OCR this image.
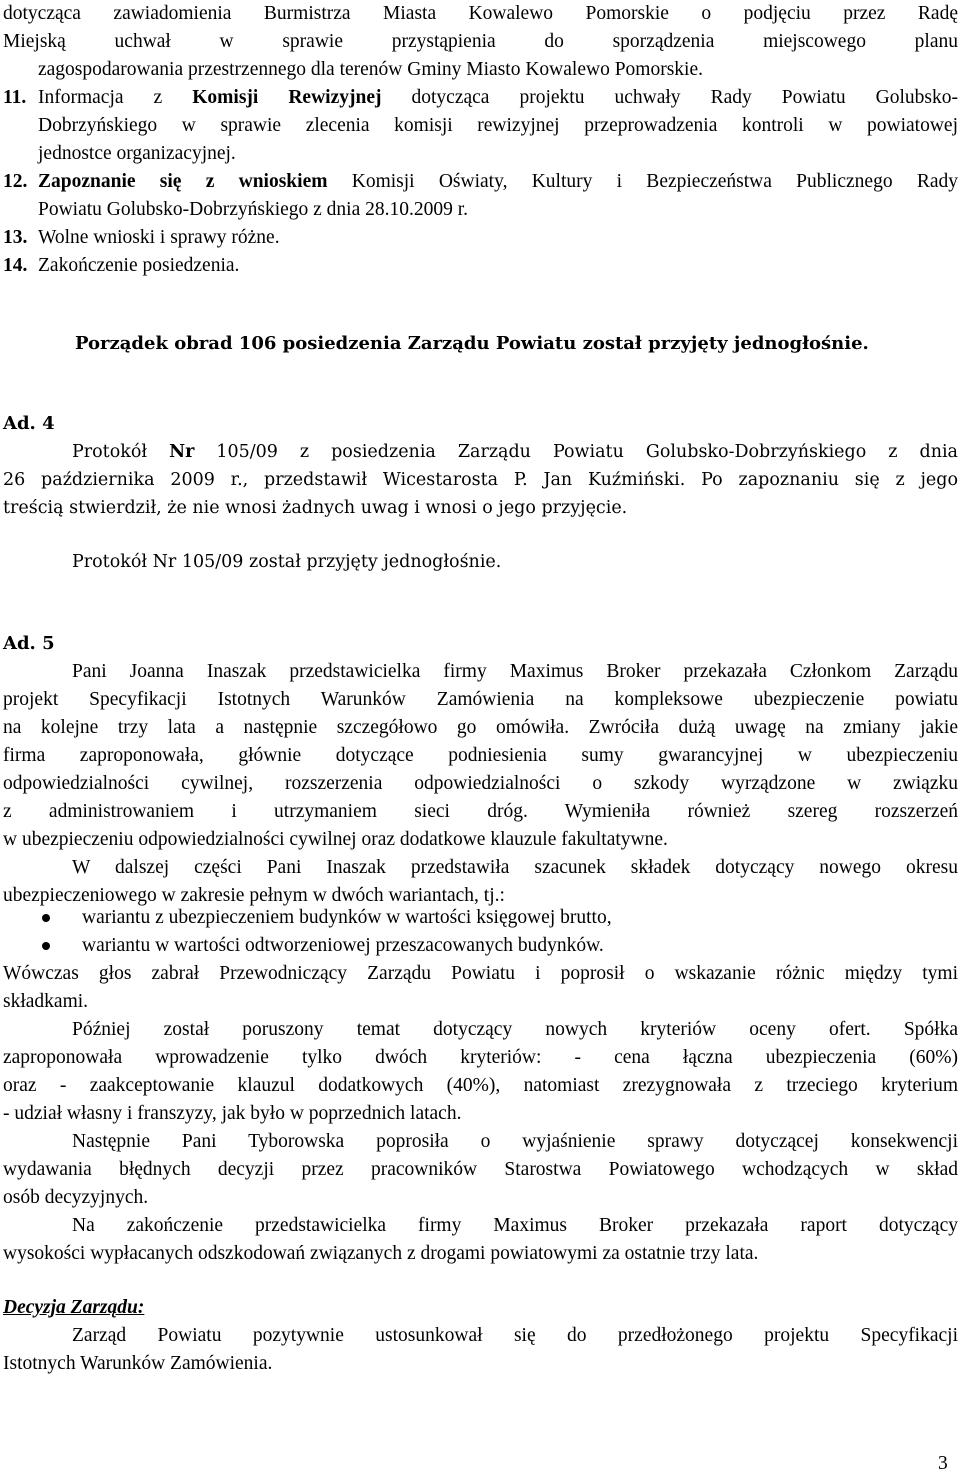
dotycząca zawiadomienia Burmistrza Miasta Kowalewo Pomorskie o podjęciu przez Radę
Miejską uchwał w sprawie przystąpienia do sporządzenia miejscowego planu
zagospodarowania przestrzennego dla terenów Gminy Miasto Kowalewo Pomorskie.
11. Informacja z Komisji Rewizyjnej dotycząca projektu uchwały Rady Powiatu Golubsko-
Dobrzyńskiego w sprawie zlecenia komisji rewizyjnej przeprowadzenia kontroli w powiatowej
jednostce organizacyjnej.
12. Zapoznanie się z wnioskiem Komisji Oświaty, Kultury i Bezpieczeństwa Publicznego Rady
Powiatu Golubsko-Dobrzyńskiego z dnia 28.10.2009 r.
13. Wolne wnioski i sprawy różne.
14. Zakończenie posiedzenia.
Porządek obrad 106 posiedzenia Zarządu Powiatu został przyjęty jednogłośnie.
Ad. 4
Protokół Nr 105/09 z posiedzenia Zarządu Powiatu Golubsko-Dobrzyńskiego z dnia
26 października 2009 r., przedstawił Wicestarosta P. Jan Kuźmiński. Po zapoznaniu się z jego
treścią stwierdził, że nie wnosi żadnych uwag i wnosi o jego przyjęcie.
Protokół Nr 105/09 został przyjęty jednogłośnie.
Ad. 5
Pani Joanna Inaszak przedstawicielka firmy Maximus Broker przekazała Członkom Zarządu
projekt Specyfikacji Istotnych Warunków Zamówienia na kompleksowe ubezpieczenie powiatu
na kolejne trzy lata a następnie szczegółowo go omówiła. Zwróciła dużą uwagę na zmiany jakie
firma zaproponowała, głównie dotyczące podniesienia sumy gwarancyjnej w ubezpieczeniu
odpowiedzialności cywilnej, rozszerzenia odpowiedzialności o szkody wyrządzone w związku
z administrowaniem i utrzymaniem sieci dróg. Wymieniła również szereg rozszerzeń
w ubezpieczeniu odpowiedzialności cywilnej oraz dodatkowe klauzule fakultatywne.
W dalszej części Pani Inaszak przedstawiła szacunek składek dotyczący nowego okresu
ubezpieczeniowego w zakresie pełnym w dwóch wariantach, tj.:
wariantu z ubezpieczeniem budynków w wartości księgowej brutto,
wariantu w wartości odtworzeniowej przeszacowanych budynków.
Wówczas głos zabrał Przewodniczący Zarządu Powiatu i poprosił o wskazanie różnic między tymi
składkami.
Później został poruszony temat dotyczący nowych kryteriów oceny ofert. Spółka
zaproponowała wprowadzenie tylko dwóch kryteriów: - cena łączna ubezpieczenia (60%)
oraz - zaakceptowanie klauzul dodatkowych (40%), natomiast zrezygnowała z trzeciego kryterium
- udział własny i franszyzy, jak było w poprzednich latach.
Następnie Pani Tyborowska poprosiła o wyjaśnienie sprawy dotyczącej konsekwencji
wydawania błędnych decyzji przez pracowników Starostwa Powiatowego wchodzących w skład
osób decyzyjnych.
Na zakończenie przedstawicielka firmy Maximus Broker przekazała raport dotyczący
wysokości wypłacanych odszkodowań związanych z drogami powiatowymi za ostatnie trzy lata.
Decyzja Zarządu:
Zarząd Powiatu pozytywnie ustosunkował się do przedłożonego projektu Specyfikacji
Istotnych Warunków Zamówienia.
3
